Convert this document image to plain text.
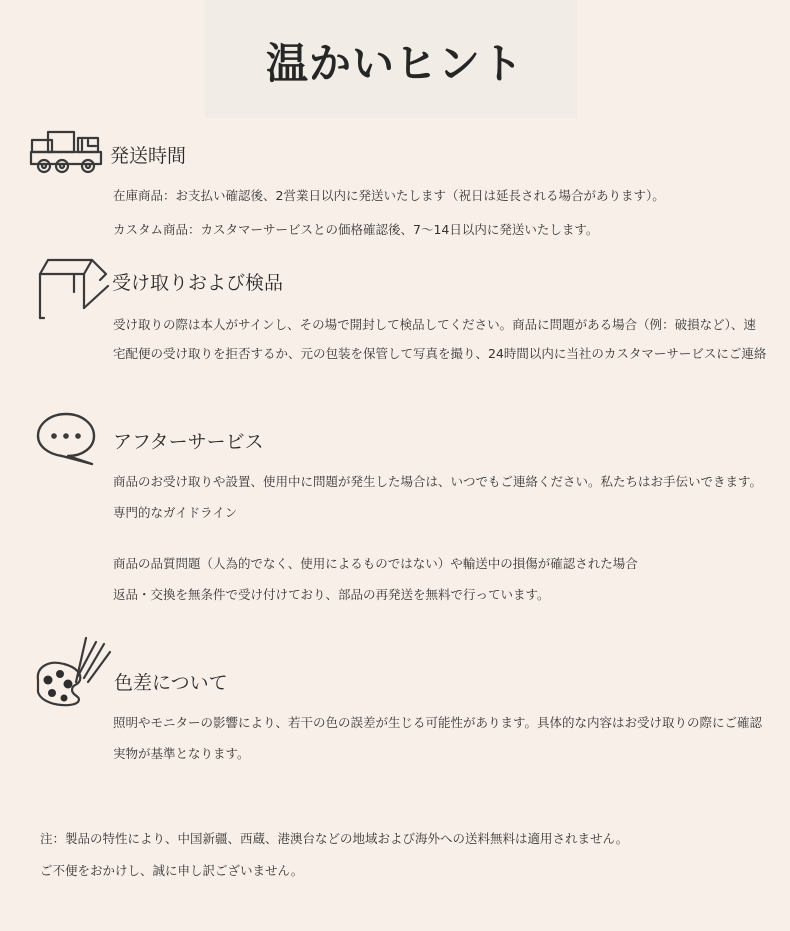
温かいヒント
発送時間

在庫商品：お支払い確認後、2営業日以内に発送いたします（祝日は延長される場合があります）。

カスタム商品：カスタマーサービスとの価格確認後、7〜14日以内に発送いたします。

受け取りおよび検品

受け取りの際は本人がサインし、その場で開封して検品してください。商品に問題がある場合（例：破損など）、速

宅配便の受け取りを拒否するか、元の包装を保管して写真を撮り、24時間以内に当社のカスタマーサービスにご連絡

アフターサービス

商品のお受け取りや設置、使用中に問題が発生した場合は、いつでもご連絡ください。私たちはお手伝いできます。

専門的なガイドライン

商品の品質問題（人為的でなく、使用によるものではない）や輸送中の損傷が確認された場合

返品・交換を無条件で受け付けており、部品の再発送を無料で行っています。

色差について

照明やモニターの影響により、若干の色の誤差が生じる可能性があります。具体的な内容はお受け取りの際にご確認

実物が基準となります。

注：製品の特性により、中国新疆、西蔵、港澳台などの地域および海外への送料無料は適用されません。

ご不便をおかけし、誠に申し訳ございません。
